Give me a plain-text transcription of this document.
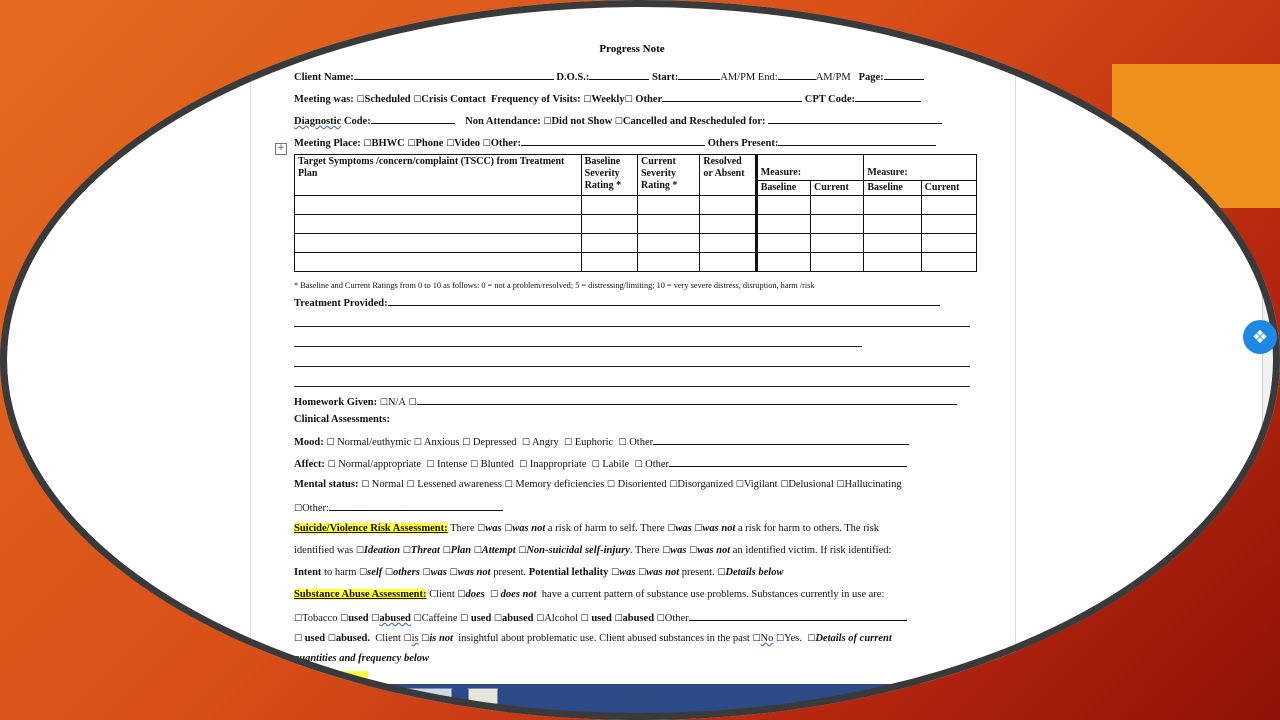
Progress Note
+
Client Name:	D.O.S.:	Start:	AM/PM End:	AM/PM Page:
Meeting was: ☐Scheduled ☐Crisis Contact Frequency of Visits: ☐Weekly☐ Other	CPT Code:
Diagnostic Code:	Non Attendance: ☐Did not Show ☐Cancelled and Rescheduled for:
Meeting Place: ☐BHWC ☐Phone ☐Video ☐Other:	Others Present:
Target Symptoms /concern/complaint (TSCC) from Treatment Plan	Baseline Severity Rating *	Current Severity Rating *	Resolved or Absent	Measure:		Measure:	
				Baseline	Current	Baseline	Current

* Baseline and Current Ratings from 0 to 10 as follows: 0 = not a problem/resolved; 5 = distressing/limiting; 10 = very severe distress, disruption, harm /risk
Treatment Provided:
Homework Given: ☐N/A ☐
Clinical Assessments:
Mood: ☐ Normal/euthymic ☐ Anxious ☐ Depressed ☐ Angry ☐ Euphoric ☐ Other
Affect: ☐ Normal/appropriate ☐ Intense ☐ Blunted ☐ Inappropriate ☐ Labile ☐ Other
Mental status: ☐ Normal ☐ Lessened awareness ☐ Memory deficiencies ☐ Disoriented ☐Disorganized ☐Vigilant ☐Delusional ☐Hallucinating
☐Other:
Suicide/Violence Risk Assessment: There ☐was ☐was not a risk of harm to self. There ☐was ☐was not a risk for harm to others. The risk
identified was ☐Ideation ☐Threat ☐Plan ☐Attempt ☐Non-suicidal self-injury. There ☐was ☐was not an identified victim. If risk identified:
Intent to harm ☐self ☐others ☐was ☐was not present. Potential lethality ☐was ☐was not present. ☐Details below
Substance Abuse Assessment: Client ☐does ☐ does not have a current pattern of substance use problems. Substances currently in use are:
☐Tobacco ☐used ☐abused ☐Caffeine ☐ used ☐abused ☐Alcohol ☐ used ☐abused ☐Other
☐ used ☐abused. Client ☐is ☐is not insightful about problematic use. Client abused substances in the past ☐No ☐Yes. ☐Details of current
quantities and frequency below
❖
